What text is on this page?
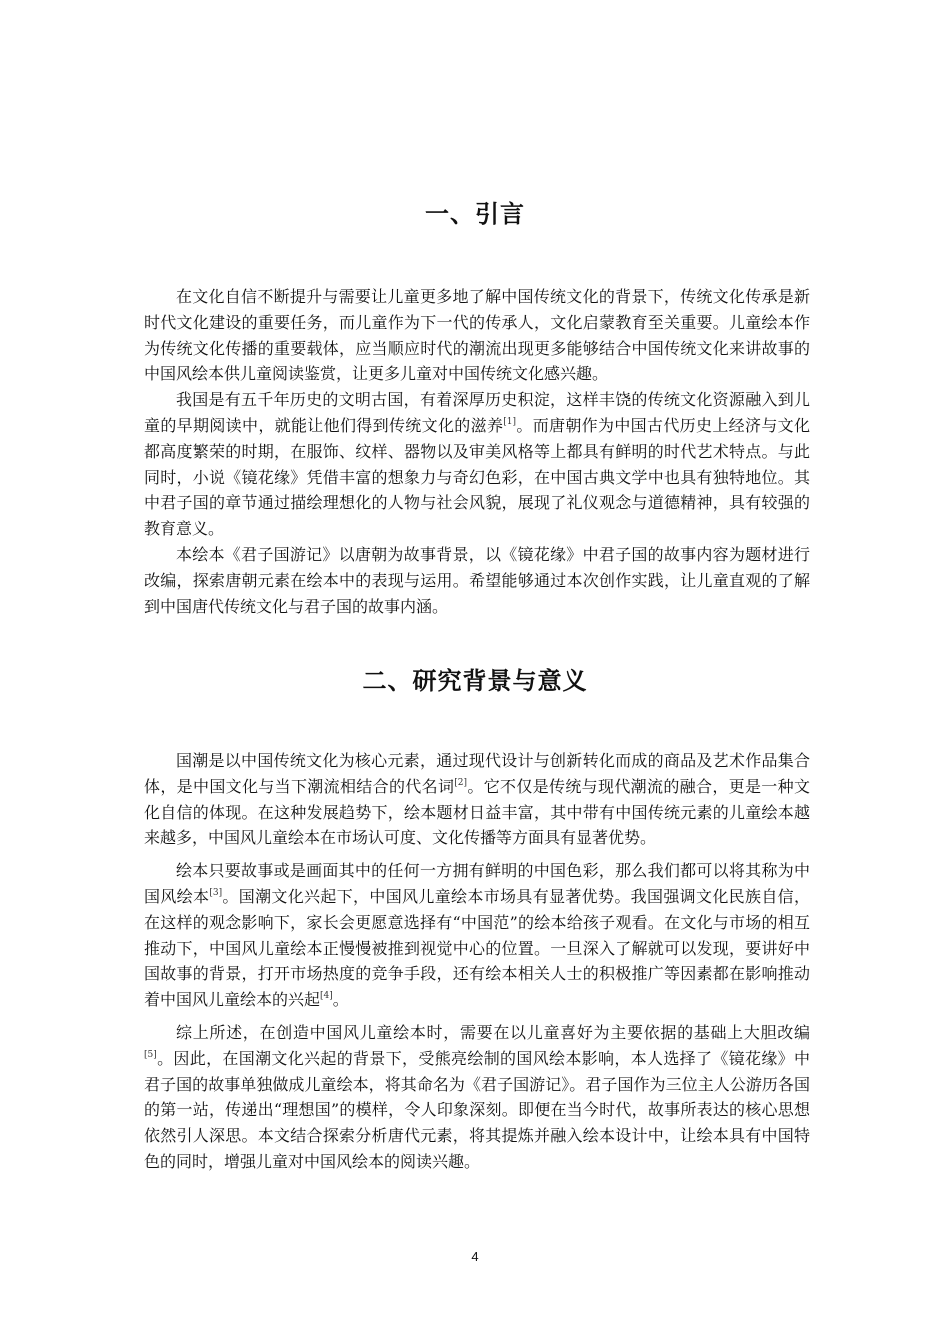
一、引言

在文化自信不断提升与需要让儿童更多地了解中国传统文化的背景下，传统文化传承是新时代文化建设的重要任务，而儿童作为下一代的传承人，文化启蒙教育至关重要。儿童绘本作为传统文化传播的重要载体，应当顺应时代的潮流出现更多能够结合中国传统文化来讲故事的中国风绘本供儿童阅读鉴赏，让更多儿童对中国传统文化感兴趣。

我国是有五千年历史的文明古国，有着深厚历史积淀，这样丰饶的传统文化资源融入到儿童的早期阅读中，就能让他们得到传统文化的滋养[1]。而唐朝作为中国古代历史上经济与文化都高度繁荣的时期，在服饰、纹样、器物以及审美风格等上都具有鲜明的时代艺术特点。与此同时，小说《镜花缘》凭借丰富的想象力与奇幻色彩，在中国古典文学中也具有独特地位。其中君子国的章节通过描绘理想化的人物与社会风貌，展现了礼仪观念与道德精神，具有较强的教育意义。

本绘本《君子国游记》以唐朝为故事背景，以《镜花缘》中君子国的故事内容为题材进行改编，探索唐朝元素在绘本中的表现与运用。希望能够通过本次创作实践，让儿童直观的了解到中国唐代传统文化与君子国的故事内涵。

二、研究背景与意义

国潮是以中国传统文化为核心元素，通过现代设计与创新转化而成的商品及艺术作品集合体，是中国文化与当下潮流相结合的代名词[2]。它不仅是传统与现代潮流的融合，更是一种文化自信的体现。在这种发展趋势下，绘本题材日益丰富，其中带有中国传统元素的儿童绘本越来越多，中国风儿童绘本在市场认可度、文化传播等方面具有显著优势。

绘本只要故事或是画面其中的任何一方拥有鲜明的中国色彩，那么我们都可以将其称为中国风绘本[3]。国潮文化兴起下，中国风儿童绘本市场具有显著优势。我国强调文化民族自信，在这样的观念影响下，家长会更愿意选择有“中国范”的绘本给孩子观看。在文化与市场的相互推动下，中国风儿童绘本正慢慢被推到视觉中心的位置。一旦深入了解就可以发现，要讲好中国故事的背景，打开市场热度的竞争手段，还有绘本相关人士的积极推广等因素都在影响推动着中国风儿童绘本的兴起[4]。

综上所述，在创造中国风儿童绘本时，需要在以儿童喜好为主要依据的基础上大胆改编[5]。因此，在国潮文化兴起的背景下，受熊亮绘制的国风绘本影响，本人选择了《镜花缘》中君子国的故事单独做成儿童绘本，将其命名为《君子国游记》。君子国作为三位主人公游历各国的第一站，传递出“理想国”的模样，令人印象深刻。即便在当今时代，故事所表达的核心思想依然引人深思。本文结合探索分析唐代元素，将其提炼并融入绘本设计中，让绘本具有中国特色的同时，增强儿童对中国风绘本的阅读兴趣。

4
